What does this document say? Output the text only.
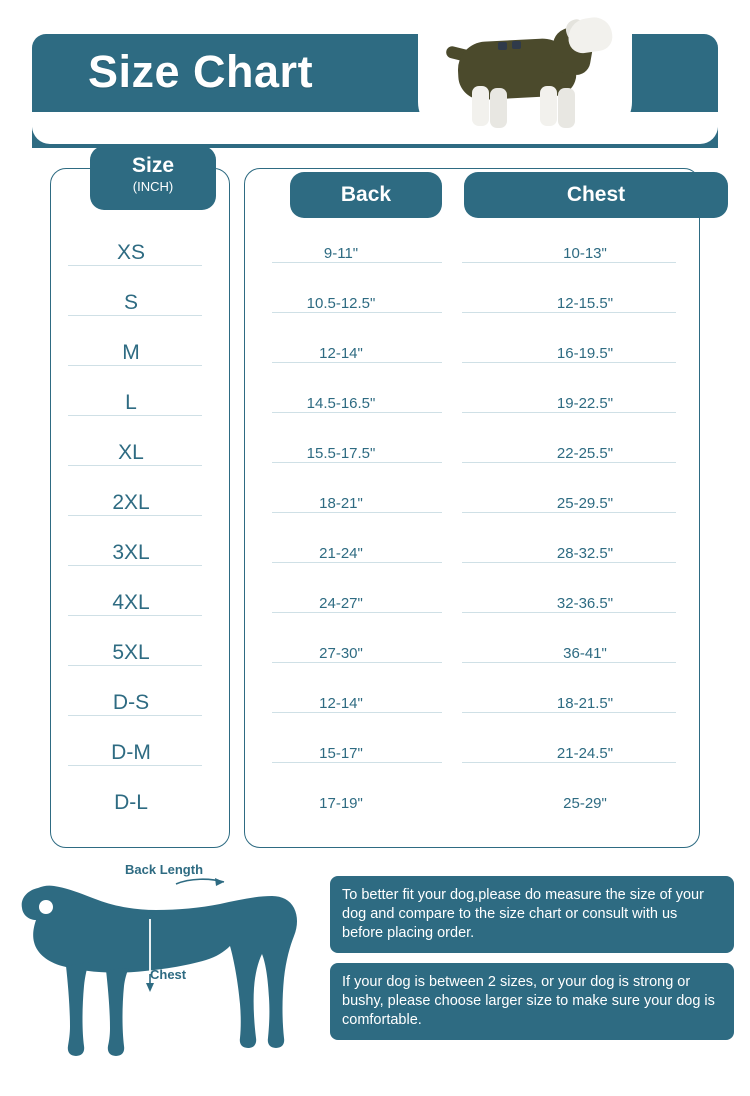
Size Chart
Size
(INCH)	Back	Chest
XS	9-11"	10-13"
S	10.5-12.5"	12-15.5"
M	12-14"	16-19.5"
L	14.5-16.5"	19-22.5"
XL	15.5-17.5"	22-25.5"
2XL	18-21"	25-29.5"
3XL	21-24"	28-32.5"
4XL	24-27"	32-36.5"
5XL	27-30"	36-41"
D-S	12-14"	18-21.5"
D-M	15-17"	21-24.5"
D-L	17-19"	25-29"
Back Length
Chest
To better fit your dog,please do measure the size of your dog and compare to the size chart or consult with us before placing order.
If your dog is between 2 sizes, or your dog is strong or bushy, please choose larger size to make sure your dog is comfortable.
